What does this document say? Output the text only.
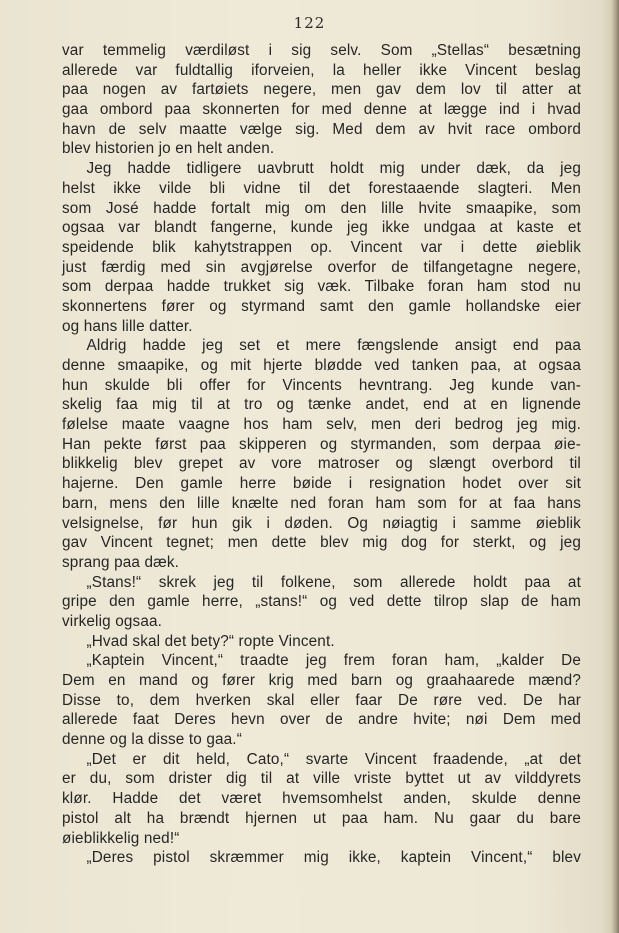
122
var temmelig værdiløst i sig selv. Som „Stellas“ besætning
allerede var fuldtallig iforveien, la heller ikke Vincent beslag
paa nogen av fartøiets negere, men gav dem lov til atter at
gaa ombord paa skonnerten for med denne at lægge ind i hvad
havn de selv maatte vælge sig. Med dem av hvit race ombord
blev historien jo en helt anden.
Jeg hadde tidligere uavbrutt holdt mig under dæk, da jeg
helst ikke vilde bli vidne til det forestaaende slagteri. Men
som José hadde fortalt mig om den lille hvite smaapike, som
ogsaa var blandt fangerne, kunde jeg ikke undgaa at kaste et
speidende blik kahytstrappen op. Vincent var i dette øieblik
just færdig med sin avgjørelse overfor de tilfangetagne negere,
som derpaa hadde trukket sig væk. Tilbake foran ham stod nu
skonnertens fører og styrmand samt den gamle hollandske eier
og hans lille datter.
Aldrig hadde jeg set et mere fængslende ansigt end paa
denne smaapike, og mit hjerte blødde ved tanken paa, at ogsaa
hun skulde bli offer for Vincents hevntrang. Jeg kunde van-
skelig faa mig til at tro og tænke andet, end at en lignende
følelse maate vaagne hos ham selv, men deri bedrog jeg mig.
Han pekte først paa skipperen og styrmanden, som derpaa øie-
blikkelig blev grepet av vore matroser og slængt overbord til
hajerne. Den gamle herre bøide i resignation hodet over sit
barn, mens den lille knælte ned foran ham som for at faa hans
velsignelse, før hun gik i døden. Og nøiagtig i samme øieblik
gav Vincent tegnet; men dette blev mig dog for sterkt, og jeg
sprang paa dæk.
„Stans!“ skrek jeg til folkene, som allerede holdt paa at
gripe den gamle herre, „stans!“ og ved dette tilrop slap de ham
virkelig ogsaa.
„Hvad skal det bety?“ ropte Vincent.
„Kaptein Vincent,“ traadte jeg frem foran ham, „kalder De
Dem en mand og fører krig med barn og graahaarede mænd?
Disse to, dem hverken skal eller faar De røre ved. De har
allerede faat Deres hevn over de andre hvite; nøi Dem med
denne og la disse to gaa.“
„Det er dit held, Cato,“ svarte Vincent fraadende, „at det
er du, som drister dig til at ville vriste byttet ut av vilddyrets
klør. Hadde det været hvemsomhelst anden, skulde denne
pistol alt ha brændt hjernen ut paa ham. Nu gaar du bare
øieblikkelig ned!“
„Deres pistol skræmmer mig ikke, kaptein Vincent,“ blev
